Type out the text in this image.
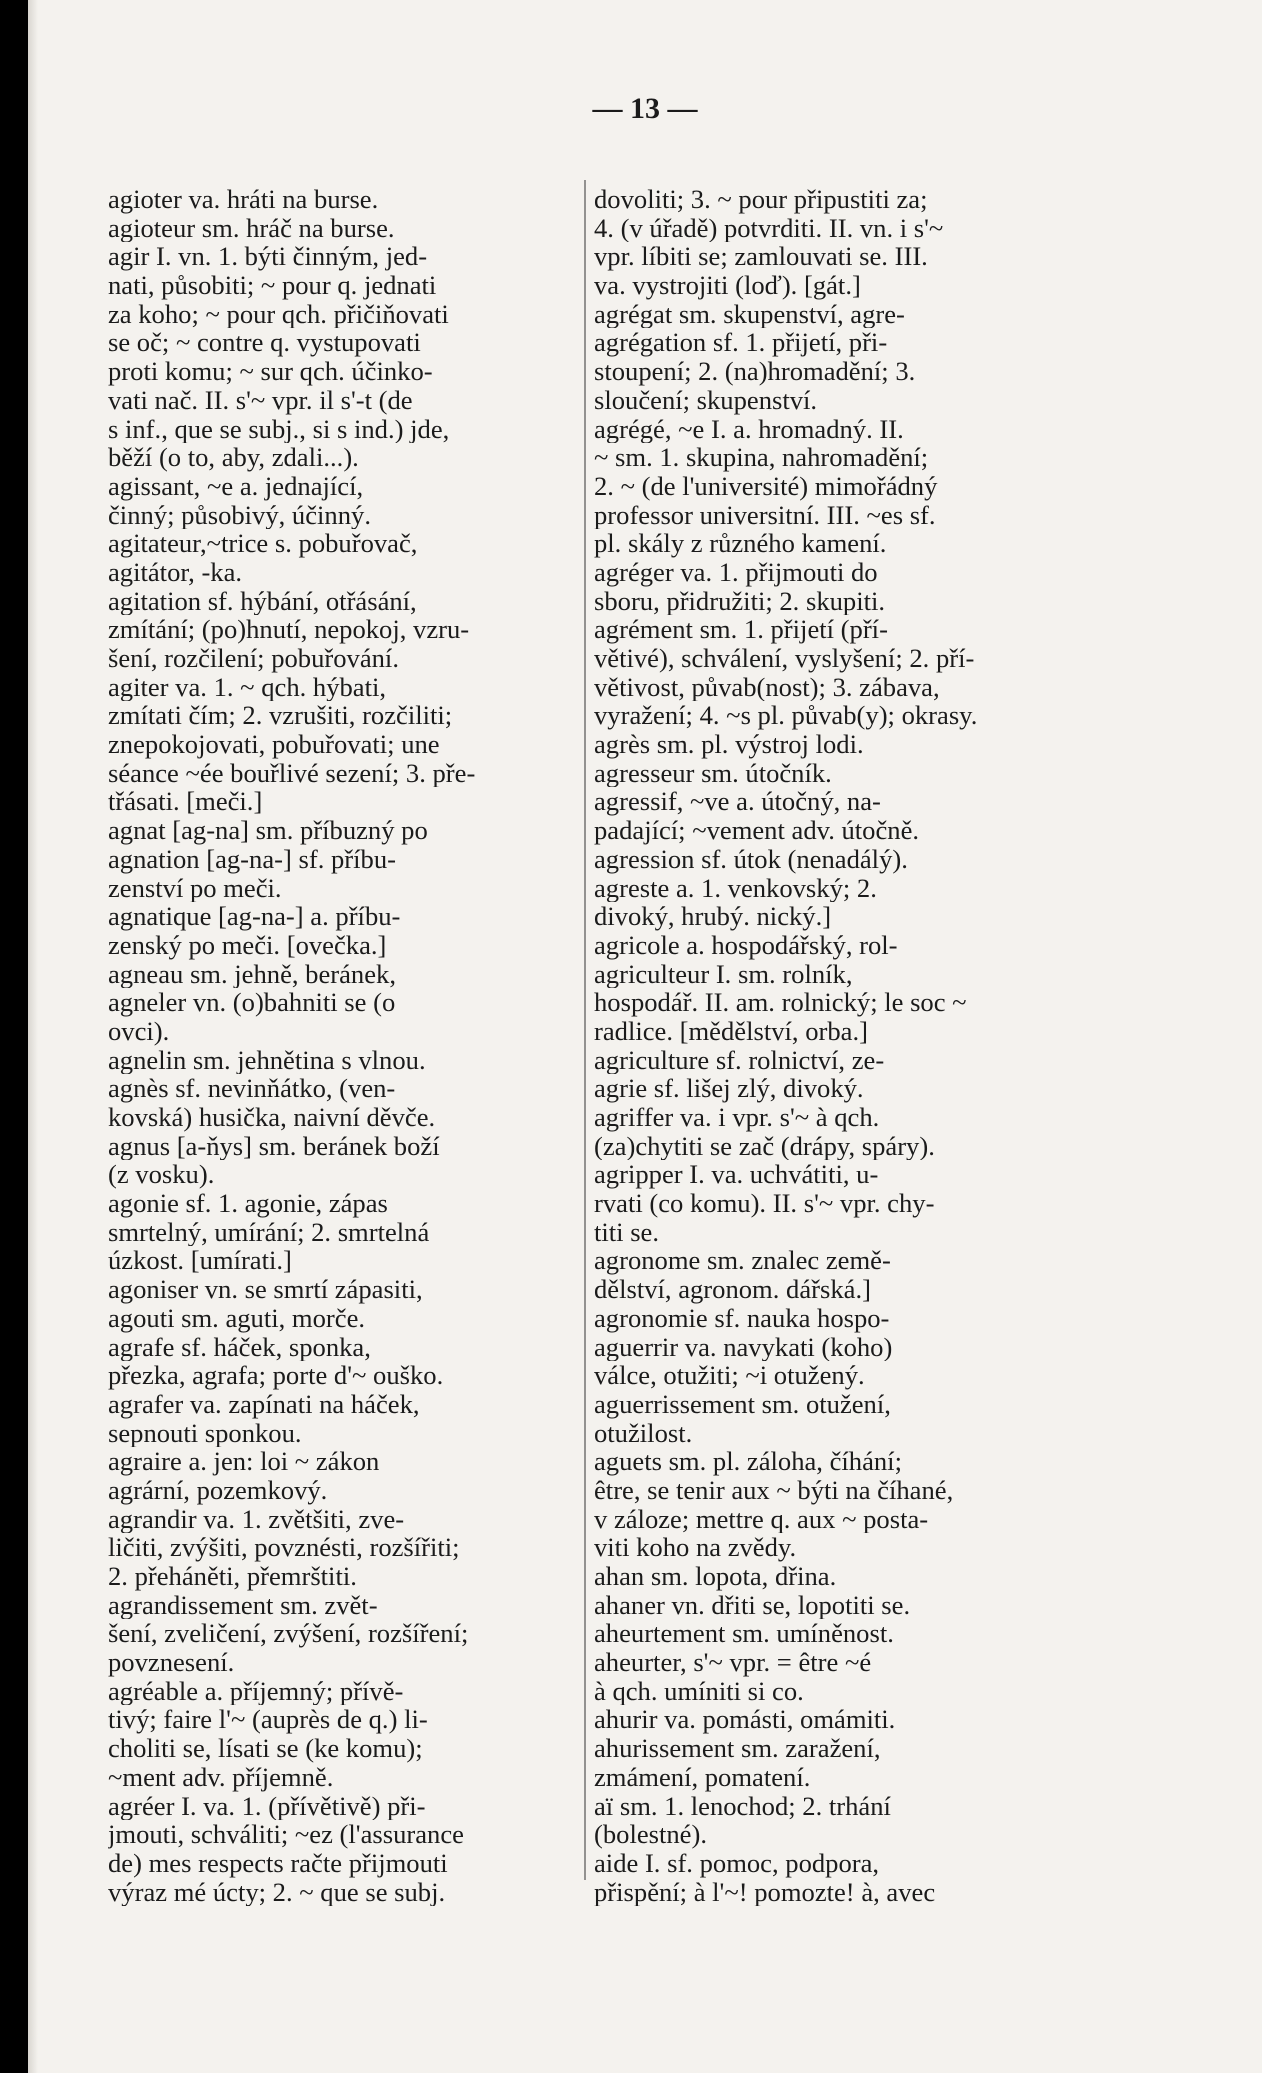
— 13 —
agioter va. hráti na burse.
agioteur sm. hráč na burse.
agir I. vn. 1. býti činným, jed-
nati, působiti; ~ pour q. jednati
za koho; ~ pour qch. přičiňovati
se oč; ~ contre q. vystupovati
proti komu; ~ sur qch. účinko-
vati nač. II. s'~ vpr. il s'-t (de
s inf., que se subj., si s ind.) jde,
běží (o to, aby, zdali...).
agissant, ~e a. jednající,
činný; působivý, účinný.
agitateur,~trice s. pobuřovač,
agitátor, -ka.
agitation sf. hýbání, otřásání,
zmítání; (po)hnutí, nepokoj, vzru-
šení, rozčilení; pobuřování.
agiter va. 1. ~ qch. hýbati,
zmítati čím; 2. vzrušiti, rozčiliti;
znepokojovati, pobuřovati; une
séance ~ée bouřlivé sezení; 3. pře-
třásati. [meči.]
agnat [ag-na] sm. příbuzný po
agnation [ag-na-] sf. příbu-
zenství po meči.
agnatique [ag-na-] a. příbu-
zenský po meči. [ovečka.]
agneau sm. jehně, beránek,
agneler vn. (o)bahniti se (o
ovci).
agnelin sm. jehnětina s vlnou.
agnès sf. nevinňátko, (ven-
kovská) husička, naivní děvče.
agnus [a-ňys] sm. beránek boží
(z vosku).
agonie sf. 1. agonie, zápas
smrtelný, umírání; 2. smrtelná
úzkost. [umírati.]
agoniser vn. se smrtí zápasiti,
agouti sm. aguti, morče.
agrafe sf. háček, sponka,
přezka, agrafa; porte d'~ ouško.
agrafer va. zapínati na háček,
sepnouti sponkou.
agraire a. jen: loi ~ zákon
agrární, pozemkový.
agrandir va. 1. zvětšiti, zve-
ličiti, zvýšiti, povznésti, rozšířiti;
2. přeháněti, přemrštiti.
agrandissement sm. zvět-
šení, zveličení, zvýšení, rozšíření;
povznesení.
agréable a. příjemný; přívě-
tivý; faire l'~ (auprès de q.) li-
choliti se, lísati se (ke komu);
~ment adv. příjemně.
agréer I. va. 1. (přívětivě) při-
jmouti, schváliti; ~ez (l'assurance
de) mes respects račte přijmouti
výraz mé úcty; 2. ~ que se subj.
dovoliti; 3. ~ pour připustiti za;
4. (v úřadě) potvrditi. II. vn. i s'~
vpr. líbiti se; zamlouvati se. III.
va. vystrojiti (loď). [gát.]
agrégat sm. skupenství, agre-
agrégation sf. 1. přijetí, při-
stoupení; 2. (na)hromadění; 3.
sloučení; skupenství.
agrégé, ~e I. a. hromadný. II.
~ sm. 1. skupina, nahromadění;
2. ~ (de l'université) mimořádný
professor universitní. III. ~es sf.
pl. skály z různého kamení.
agréger va. 1. přijmouti do
sboru, přidružiti; 2. skupiti.
agrément sm. 1. přijetí (pří-
větivé), schválení, vyslyšení; 2. pří-
větivost, půvab(nost); 3. zábava,
vyražení; 4. ~s pl. půvab(y); okrasy.
agrès sm. pl. výstroj lodi.
agresseur sm. útočník.
agressif, ~ve a. útočný, na-
padající; ~vement adv. útočně.
agression sf. útok (nenadálý).
agreste a. 1. venkovský; 2.
divoký, hrubý. nický.]
agricole a. hospodářský, rol-
agriculteur I. sm. rolník,
hospodář. II. am. rolnický; le soc ~
radlice. [mědělství, orba.]
agriculture sf. rolnictví, ze-
agrie sf. lišej zlý, divoký.
agriffer va. i vpr. s'~ à qch.
(za)chytiti se zač (drápy, spáry).
agripper I. va. uchvátiti, u-
rvati (co komu). II. s'~ vpr. chy-
titi se.
agronome sm. znalec země-
dělství, agronom. dářská.]
agronomie sf. nauka hospo-
aguerrir va. navykati (koho)
válce, otužiti; ~i otužený.
aguerrissement sm. otužení,
otužilost.
aguets sm. pl. záloha, číhání;
être, se tenir aux ~ býti na číhané,
v záloze; mettre q. aux ~ posta-
viti koho na zvědy.
ahan sm. lopota, dřina.
ahaner vn. dřiti se, lopotiti se.
aheurtement sm. umíněnost.
aheurter, s'~ vpr. = être ~é
à qch. umíniti si co.
ahurir va. pomásti, omámiti.
ahurissement sm. zaražení,
zmámení, pomatení.
aï sm. 1. lenochod; 2. trhání
(bolestné).
aide I. sf. pomoc, podpora,
přispění; à l'~! pomozte! à, avec
